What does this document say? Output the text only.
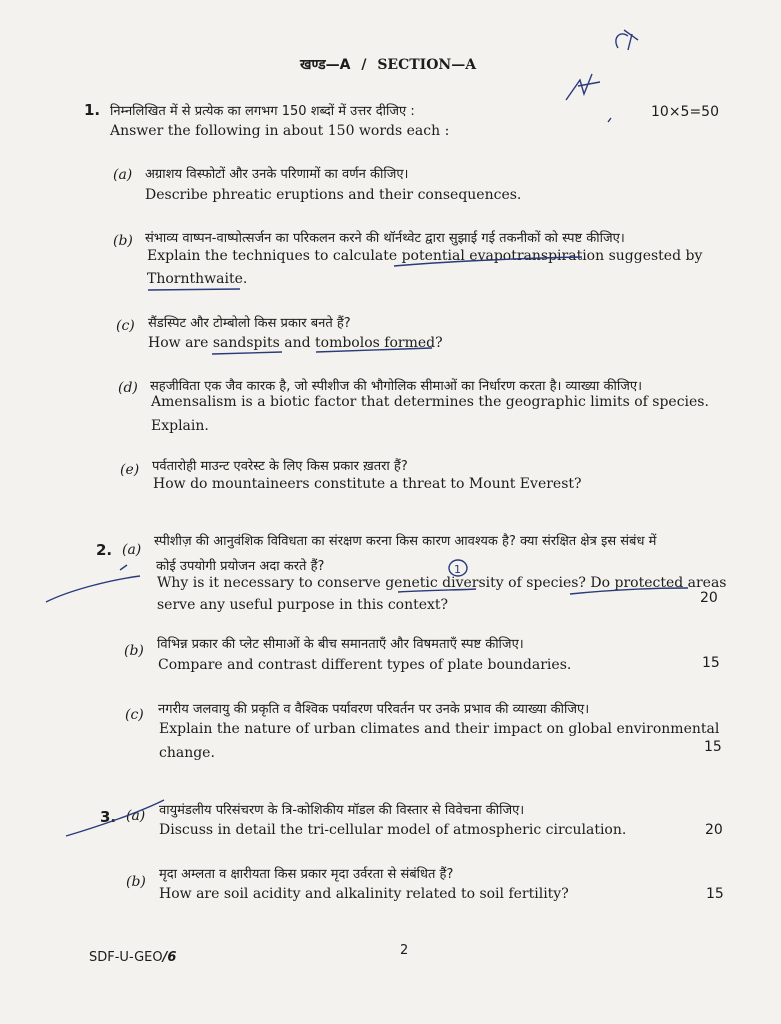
खण्ड—A / SECTION—A
1. निम्नलिखित में से प्रत्येक का लगभग 150 शब्दों में उत्तर दीजिए :
Answer the following in about 150 words each :
10×5=50
(a) अग्राशय विस्फोटों और उनके परिणामों का वर्णन कीजिए।
Describe phreatic eruptions and their consequences.
(b) संभाव्य वाष्पन-वाष्पोत्सर्जन का परिकलन करने की थॉर्नथ्वेट द्वारा सुझाई गई तकनीकों को स्पष्ट कीजिए।
Explain the techniques to calculate potential evapotranspiration suggested by
Thornthwaite.
(c) सैंडस्पिट और टोम्बोलो किस प्रकार बनते हैं?
How are sandspits and tombolos formed?
(d) सहजीविता एक जैव कारक है, जो स्पीशीज की भौगोलिक सीमाओं का निर्धारण करता है। व्याख्या कीजिए।
Amensalism is a biotic factor that determines the geographic limits of species.
Explain.
(e) पर्वतारोही माउन्ट एवरेस्ट के लिए किस प्रकार ख़तरा हैं?
How do mountaineers constitute a threat to Mount Everest?
2. (a)
स्पीशीज़ की आनुवंशिक विविधता का संरक्षण करना किस कारण आवश्यक है? क्या संरक्षित क्षेत्र इस संबंध में
कोई उपयोगी प्रयोजन अदा करते हैं?
Why is it necessary to conserve genetic diversity of species? Do protected areas
serve any useful purpose in this context?	20
(b) विभिन्न प्रकार की प्लेट सीमाओं के बीच समानताएँ और विषमताएँ स्पष्ट कीजिए।
Compare and contrast different types of plate boundaries.	15
(c) नगरीय जलवायु की प्रकृति व वैश्विक पर्यावरण परिवर्तन पर उनके प्रभाव की व्याख्या कीजिए।
Explain the nature of urban climates and their impact on global environmental
change.	15
3. (a) वायुमंडलीय परिसंचरण के त्रि-कोशिकीय मॉडल की विस्तार से विवेचना कीजिए।
Discuss in detail the tri-cellular model of atmospheric circulation.	20
(b) मृदा अम्लता व क्षारीयता किस प्रकार मृदा उर्वरता से संबंधित हैं?
How are soil acidity and alkalinity related to soil fertility?	15
SDF-U-GEO/6	2
1
